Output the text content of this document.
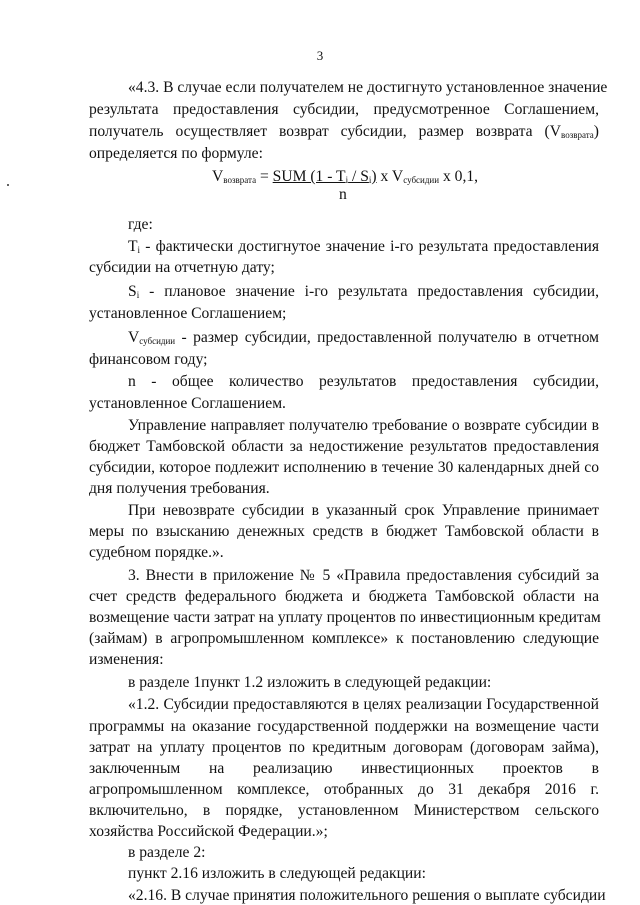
3
«4.3. В случае если получателем не достигнуто установленное значение
результата предоставления субсидии, предусмотренное Соглашением,
получатель осуществляет возврат субсидии, размер возврата $(V_{возврата})$
определяется по формуле:
$V_{возврата}$ = SUM $(1 - T_i / S_i)$ x $V_{субсидии}$ x 0,1,
n
где:
$T_i$ - фактически достигнутое значение i-го результата предоставления
субсидии на отчетную дату;
$S_i$ - плановое значение i-го результата предоставления субсидии,
установленное Соглашением;
$V_{субсидии}$ - размер субсидии, предоставленной получателю в отчетном
финансовом году;
n - общее количество результатов предоставления субсидии,
установленное Соглашением.
Управление направляет получателю требование о возврате субсидии в
бюджет Тамбовской области за недостижение результатов предоставления
субсидии, которое подлежит исполнению в течение 30 календарных дней со
дня получения требования.
При невозврате субсидии в указанный срок Управление принимает
меры по взысканию денежных средств в бюджет Тамбовской области в
судебном порядке.».
3. Внести в приложение № 5 «Правила предоставления субсидий за
счет средств федерального бюджета и бюджета Тамбовской области на
возмещение части затрат на уплату процентов по инвестиционным кредитам
(займам) в агропромышленном комплексе» к постановлению следующие
изменения:
в разделе 1пункт 1.2 изложить в следующей редакции:
«1.2. Субсидии предоставляются в целях реализации Государственной
программы на оказание государственной поддержки на возмещение части
затрат на уплату процентов по кредитным договорам (договорам займа),
заключенным на реализацию инвестиционных проектов в
агропромышленном комплексе, отобранных до 31 декабря 2016 г.
включительно, в порядке, установленном Министерством сельского
хозяйства Российской Федерации.»;
в разделе 2:
пункт 2.16 изложить в следующей редакции:
«2.16. В случае принятия положительного решения о выплате субсидии
